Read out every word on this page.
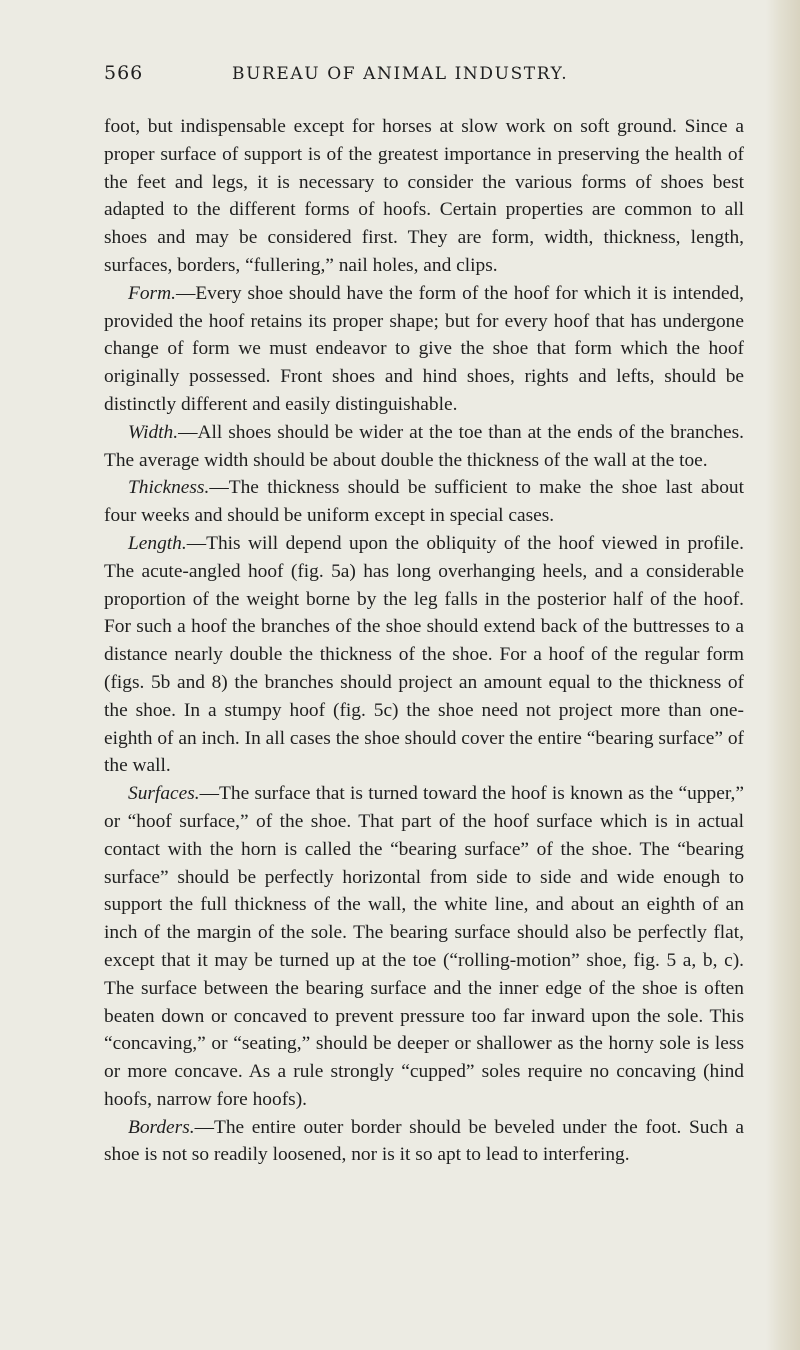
566	BUREAU OF ANIMAL INDUSTRY.

foot, but indispensable except for horses at slow work on soft ground. Since a proper surface of support is of the greatest importance in preserving the health of the feet and legs, it is necessary to consider the various forms of shoes best adapted to the different forms of hoofs. Certain properties are common to all shoes and may be considered first. They are form, width, thickness, length, surfaces, borders, “fullering,” nail holes, and clips.

Form.—Every shoe should have the form of the hoof for which it is intended, provided the hoof retains its proper shape; but for every hoof that has undergone change of form we must endeavor to give the shoe that form which the hoof originally possessed. Front shoes and hind shoes, rights and lefts, should be distinctly different and easily distinguishable.

Width.—All shoes should be wider at the toe than at the ends of the branches. The average width should be about double the thickness of the wall at the toe.

Thickness.—The thickness should be sufficient to make the shoe last about four weeks and should be uniform except in special cases.

Length.—This will depend upon the obliquity of the hoof viewed in profile. The acute-angled hoof (fig. 5a) has long overhanging heels, and a considerable proportion of the weight borne by the leg falls in the posterior half of the hoof. For such a hoof the branches of the shoe should extend back of the buttresses to a distance nearly double the thickness of the shoe. For a hoof of the regular form (figs. 5b and 8) the branches should project an amount equal to the thickness of the shoe. In a stumpy hoof (fig. 5c) the shoe need not project more than one-eighth of an inch. In all cases the shoe should cover the entire “bearing surface” of the wall.

Surfaces.—The surface that is turned toward the hoof is known as the “upper,” or “hoof surface,” of the shoe. That part of the hoof surface which is in actual contact with the horn is called the “bearing surface” of the shoe. The “bearing surface” should be perfectly horizontal from side to side and wide enough to support the full thickness of the wall, the white line, and about an eighth of an inch of the margin of the sole. The bearing surface should also be perfectly flat, except that it may be turned up at the toe (“rolling-motion” shoe, fig. 5 a, b, c). The surface between the bearing surface and the inner edge of the shoe is often beaten down or concaved to prevent pressure too far inward upon the sole. This “concaving,” or “seating,” should be deeper or shallower as the horny sole is less or more concave. As a rule strongly “cupped” soles require no concaving (hind hoofs, narrow fore hoofs).

Borders.—The entire outer border should be beveled under the foot. Such a shoe is not so readily loosened, nor is it so apt to lead to interfering.
